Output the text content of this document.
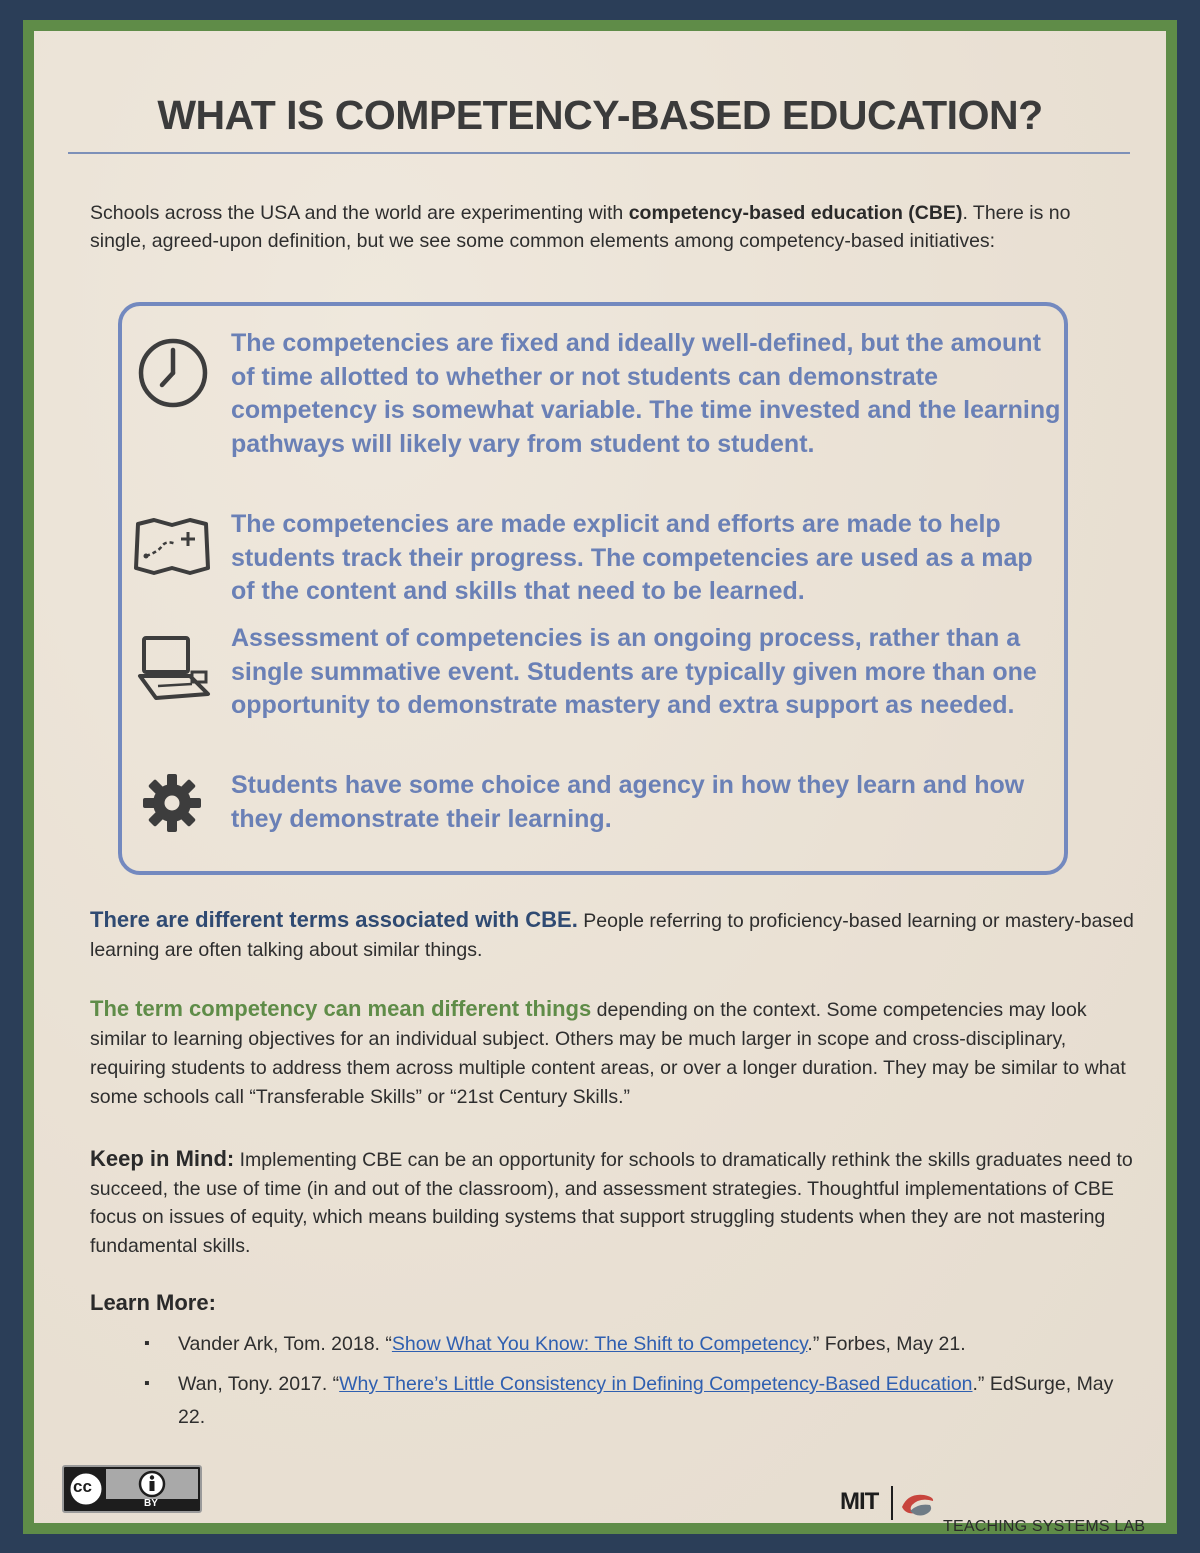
WHAT IS COMPETENCY-BASED EDUCATION?

Schools across the USA and the world are experimenting with competency-based education (CBE). There is no single, agreed-upon definition, but we see some common elements among competency-based initiatives:

The competencies are fixed and ideally well-defined, but the amount of time allotted to whether or not students can demonstrate competency is somewhat variable. The time invested and the learning pathways will likely vary from student to student.
The competencies are made explicit and efforts are made to help students track their progress. The competencies are used as a map of the content and skills that need to be learned.
Assessment of competencies is an ongoing process, rather than a single summative event. Students are typically given more than one opportunity to demonstrate mastery and extra support as needed.
Students have some choice and agency in how they learn and how they demonstrate their learning.

There are different terms associated with CBE. People referring to proficiency-based learning or mastery-based learning are often talking about similar things.

The term competency can mean different things depending on the context. Some competencies may look similar to learning objectives for an individual subject. Others may be much larger in scope and cross-disciplinary, requiring students to address them across multiple content areas, or over a longer duration. They may be similar to what some schools call “Transferable Skills” or “21st Century Skills.”

Keep in Mind: Implementing CBE can be an opportunity for schools to dramatically rethink the skills graduates need to succeed, the use of time (in and out of the classroom), and assessment strategies. Thoughtful implementations of CBE focus on issues of equity, which means building systems that support struggling students when they are not mastering fundamental skills.

Learn More:
▪ Vander Ark, Tom. 2018. “Show What You Know: The Shift to Competency.” Forbes, May 21.

▪ Wan, Tony. 2017. “Why There’s Little Consistency in Defining Competency-Based Education.” EdSurge, May 22.

cc
BY	MIT
TEACHING SYSTEMS LAB
